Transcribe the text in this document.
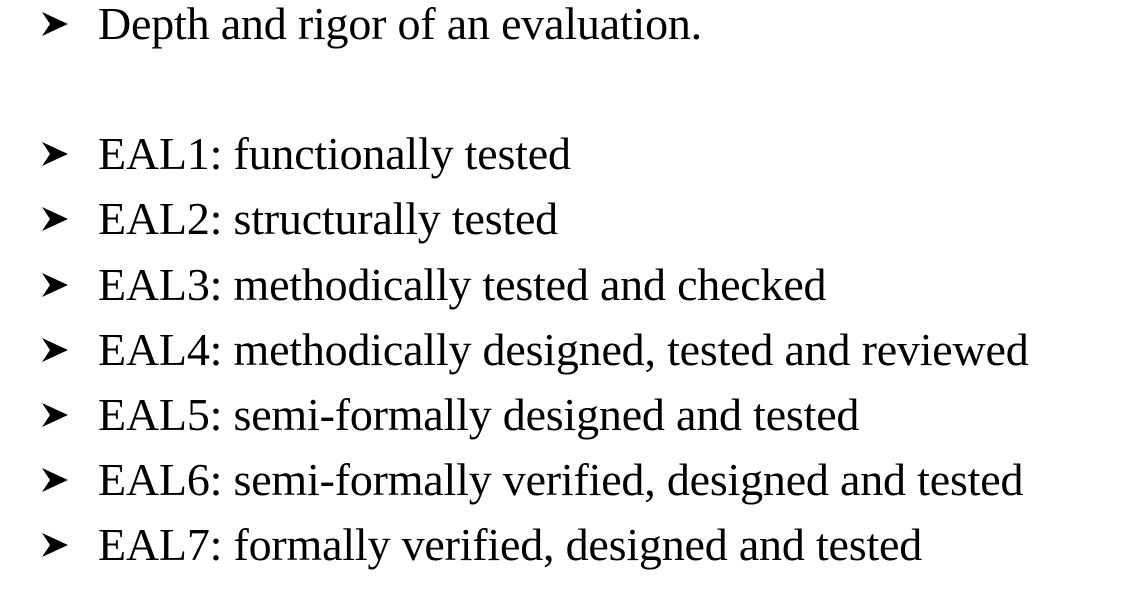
Depth and rigor of an evaluation.
EAL1: functionally tested
EAL2: structurally tested
EAL3: methodically tested and checked
EAL4: methodically designed, tested and reviewed
EAL5: semi-formally designed and tested
EAL6: semi-formally verified, designed and tested
EAL7: formally verified, designed and tested
